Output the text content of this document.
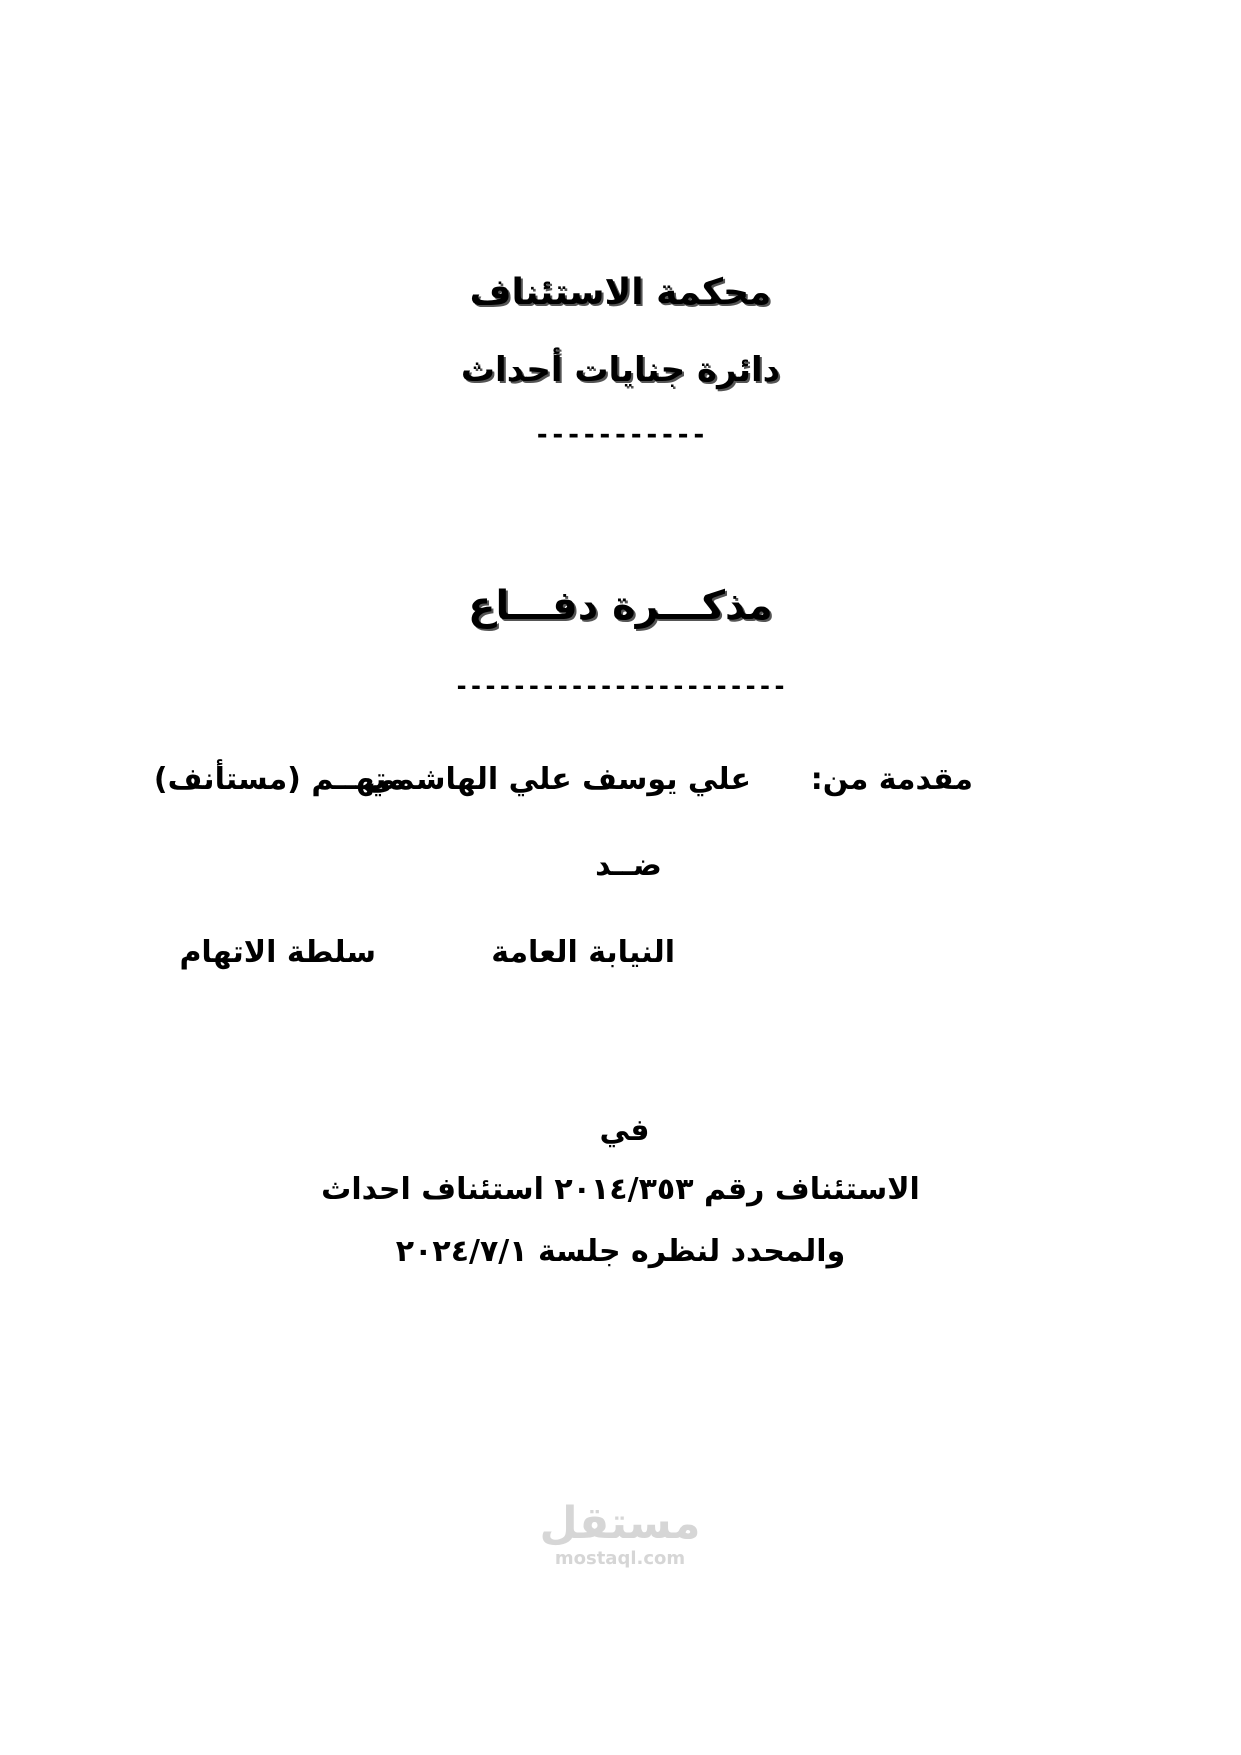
محكمة الاستئناف
دائرة جنايات أحداث
-----------
مذكـــرة دفـــاع
-----------------------
مقدمة من:
علي يوسف علي الهاشمي
متهــم (مستأنف)
ضــد
النيابة العامة
سلطة الاتهام
في
الاستئناف رقم ٢٠١٤/٣٥٣ استئناف احداث
والمحدد لنظره جلسة ٢٠٢٤/٧/١
مستقل
mostaql.com
